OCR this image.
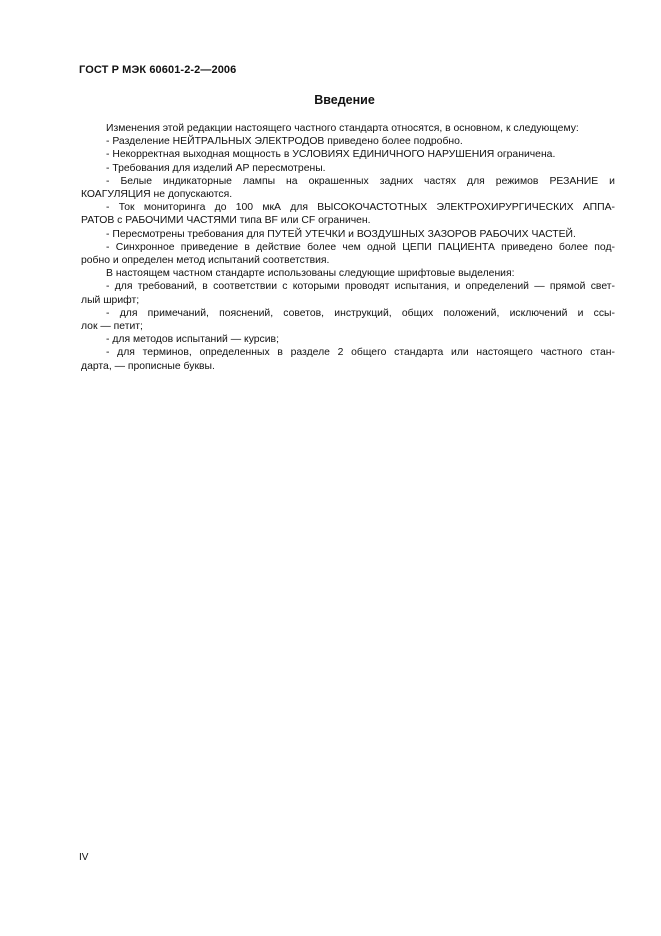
ГОСТ Р МЭК 60601-2-2—2006
Введение
Изменения этой редакции настоящего частного стандарта относятся, в основном, к следующему:
- Разделение НЕЙТРАЛЬНЫХ ЭЛЕКТРОДОВ приведено более подробно.
- Некорректная выходная мощность в УСЛОВИЯХ ЕДИНИЧНОГО НАРУШЕНИЯ ограничена.
- Требования для изделий АР пересмотрены.
- Белые индикаторные лампы на окрашенных задних частях для режимов РЕЗАНИЕ и
КОАГУЛЯЦИЯ не допускаются.
- Ток мониторинга до 100 мкА для ВЫСОКОЧАСТОТНЫХ ЭЛЕКТРОХИРУРГИЧЕСКИХ АППА-
РАТОВ с РАБОЧИМИ ЧАСТЯМИ типа BF или CF ограничен.
- Пересмотрены требования для ПУТЕЙ УТЕЧКИ и ВОЗДУШНЫХ ЗАЗОРОВ РАБОЧИХ ЧАСТЕЙ.
- Синхронное приведение в действие более чем одной ЦЕПИ ПАЦИЕНТА приведено более под-
робно и определен метод испытаний соответствия.
В настоящем частном стандарте использованы следующие шрифтовые выделения:
- для требований, в соответствии с которыми проводят испытания, и определений — прямой свет-
лый шрифт;
- для примечаний, пояснений, советов, инструкций, общих положений, исключений и ссы-
лок — петит;
- для методов испытаний — курсив;
- для терминов, определенных в разделе 2 общего стандарта или настоящего частного стан-
дарта, — прописные буквы.
IV
